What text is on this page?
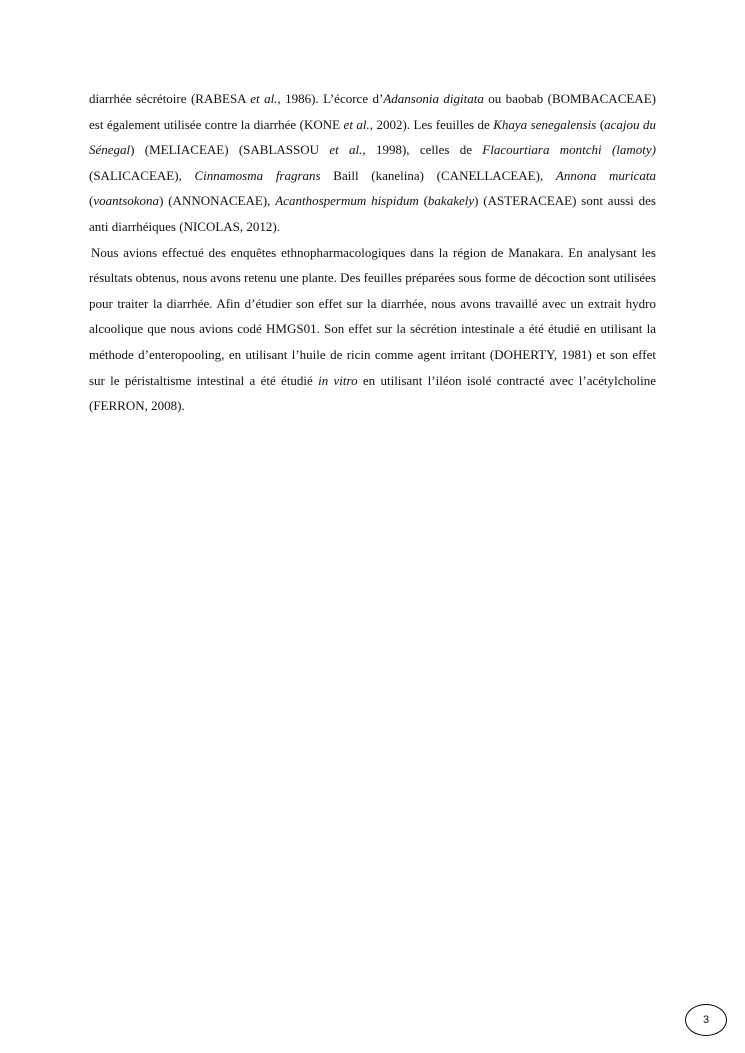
diarrhée sécrétoire (RABESA et al., 1986). L’écorce d’Adansonia digitata ou baobab (BOMBACACEAE) est également utilisée contre la diarrhée (KONE et al., 2002). Les feuilles de Khaya senegalensis (acajou du Sénegal) (MELIACEAE) (SABLASSOU et al., 1998), celles de Flacourtiara montchi (lamoty) (SALICACEAE), Cinnamosma fragrans Baill (kanelina) (CANELLACEAE), Annona muricata (voantsokona) (ANNONACEAE), Acanthospermum hispidum (bakakely) (ASTERACEAE) sont aussi des anti diarrhéiques (NICOLAS, 2012).

Nous avions effectué des enquêtes ethnopharmacologiques dans la région de Manakara. En analysant les résultats obtenus, nous avons retenu une plante. Des feuilles préparées sous forme de décoction sont utilisées pour traiter la diarrhée. Afin d’étudier son effet sur la diarrhée, nous avons travaillé avec un extrait hydro alcoolique que nous avions codé HMGS01. Son effet sur la sécrétion intestinale a été étudié en utilisant la méthode d’enteropooling, en utilisant l’huile de ricin comme agent irritant (DOHERTY, 1981) et son effet sur le péristaltisme intestinal a été étudié in vitro en utilisant l’iléon isolé contracté avec l’acétylcholine (FERRON, 2008).

3
